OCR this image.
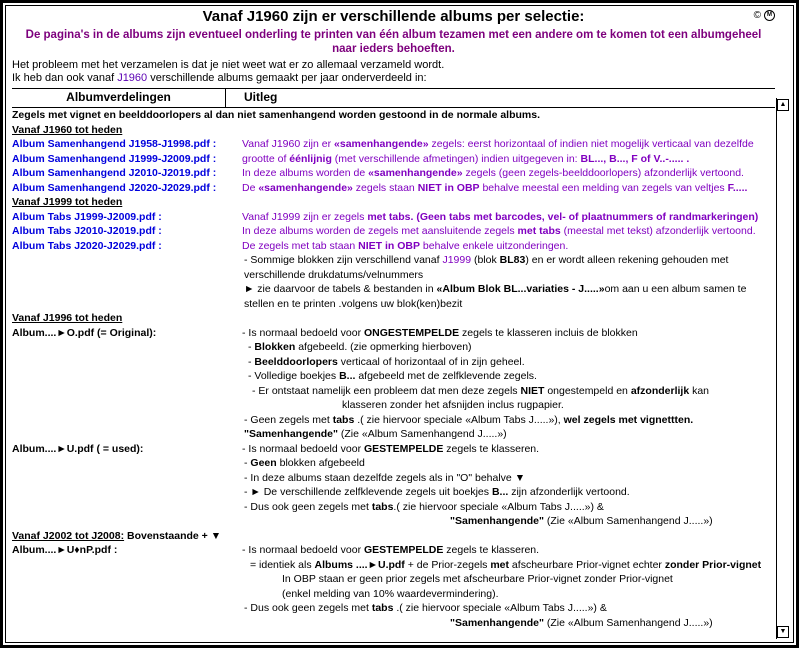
Vanaf J1960 zijn er verschillende albums per selectie:	© M
De pagina's in de albums zijn eventueel onderling te printen van één album tezamen met een andere om te komen tot een albumgeheel naar ieders behoeften.
Het probleem met het verzamelen is dat je niet weet wat er zo allemaal verzameld wordt.
Ik heb dan ook vanaf J1960 verschillende albums gemaakt per jaar onderverdeeld in:
Albumverdelingen	Uitleg
Zegels met vignet en beelddoorlopers al dan niet samenhangend worden gestoond in de normale albums.
Vanaf J1960 tot heden
Album Samenhangend J1958-J1998.pdf :	Vanaf J1960 zijn er «samenhangende» zegels: eerst horizontaal of indien niet mogelijk verticaal van dezelfde
Album Samenhangend J1999-J2009.pdf :	grootte of éénlijnig (met verschillende afmetingen) indien uitgegeven in: BL..., B..., F of V..-..... .
Album Samenhangend J2010-J2019.pdf :	In deze albums worden de «samenhangende» zegels (geen zegels-beelddoorlopers) afzonderlijk vertoond.
Album Samenhangend J2020-J2029.pdf :	De «samenhangende» zegels staan NIET in OBP behalve meestal een melding van zegels van veltjes F.....
Vanaf J1999 tot heden
Album Tabs J1999-J2009.pdf :	Vanaf J1999 zijn er zegels met tabs. (Geen tabs met barcodes, vel- of plaatnummers of randmarkeringen)
Album Tabs J2010-J2019.pdf :	In deze albums worden de zegels met aansluitende zegels met tabs (meestal met tekst) afzonderlijk vertoond.
Album Tabs J2020-J2029.pdf :	De zegels met tab staan NIET in OBP behalve enkele uitzonderingen.
- Sommige blokken zijn verschillend vanaf J1999 (blok BL83) en er wordt alleen rekening gehouden met verschillende drukdatums/velnummers
► zie daarvoor de tabels & bestanden in «Album Blok BL...variaties - J.....»om aan u een album samen te stellen en te printen .volgens uw blok(ken)bezit
Vanaf J1996 tot heden
Album....►O.pdf (= Original):	- Is normaal bedoeld voor ONGESTEMPELDE zegels te klasseren incluis de blokken
- Blokken afgebeeld. (zie opmerking hierboven)
- Beelddoorlopers verticaal of horizontaal of in zijn geheel.
- Volledige boekjes B... afgebeeld met de zelfklevende zegels.
- Er ontstaat namelijk een probleem dat men deze zegels NIET ongestempeld en afzonderlijk kan
klasseren zonder het afsnijden inclus rugpapier.
- Geen zegels met tabs .( zie hiervoor speciale «Album Tabs J.....»), wel zegels met vignettten.
"Samenhangende" (Zie «Album Samenhangend J.....»)
Album....►U.pdf ( = used):	- Is normaal bedoeld voor GESTEMPELDE zegels te klasseren.
- Geen blokken afgebeeld
- In deze albums staan dezelfde zegels als in "O" behalve ▼
- ► De verschillende zelfklevende zegels uit boekjes B... zijn afzonderlijk vertoond.
- Dus ook geen zegels met tabs.( zie hiervoor speciale «Album Tabs J.....») &
"Samenhangende" (Zie «Album Samenhangend J.....»)
Vanaf J2002 tot J2008: Bovenstaande + ▼
Album....►U♦nP.pdf :	- Is normaal bedoeld voor GESTEMPELDE zegels te klasseren.
= identiek als Albums ....►U.pdf + de Prior-zegels met afscheurbare Prior-vignet echter zonder Prior-vignet
In OBP staan er geen prior zegels met afscheurbare Prior-vignet zonder Prior-vignet
(enkel melding van 10% waardevermindering).
- Dus ook geen zegels met tabs .( zie hiervoor speciale «Album Tabs J.....») &
"Samenhangende" (Zie «Album Samenhangend J.....»)
▲
▼
